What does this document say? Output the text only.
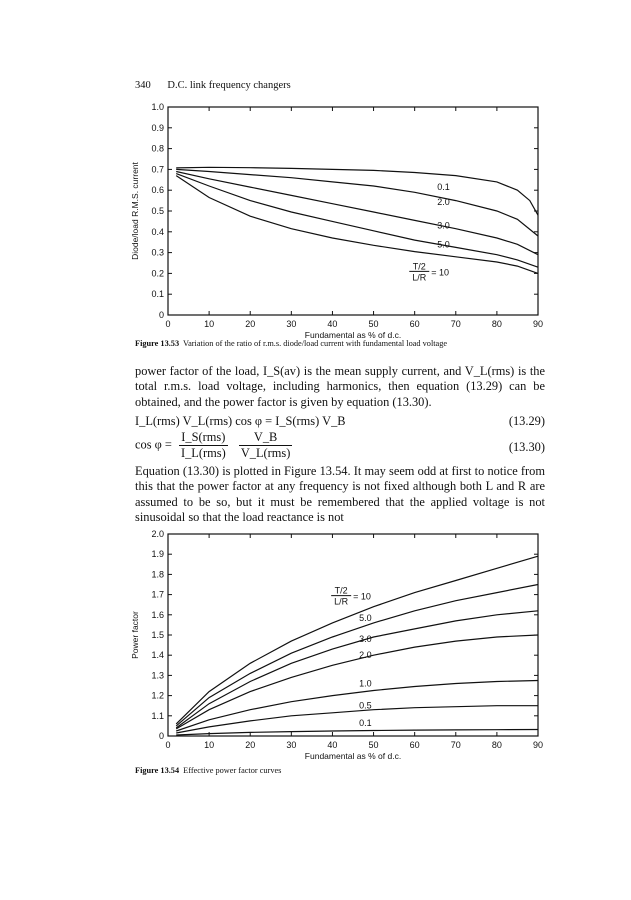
340 D.C. link frequency changers
0	10	20	30	40	50	60	70	80	90
0
0.1
0.2
0.3
0.4
0.5
0.6
0.7
0.8
0.9
1.0
Fundamental as % of d.c.
Diode/load R.M.S. current	0.1
2.0
3.0
5.0
T/2
L/R = 10
Figure 13.53 Variation of the ratio of r.m.s. diode/load current with fundamental load voltage

power factor of the load, I_S(av) is the mean supply current, and V_L(rms) is the total r.m.s. load voltage, including harmonics, then equation (13.29) can be obtained, and the power factor is given by equation (13.30).

I_L(rms) V_L(rms) cos φ = I_S(rms) V_B	(13.29)
$\cos \varphi = \frac{\text{I\_S(rms)}}{\text{I\_L(rms)}}$
$\frac{V\_B}{\text{V\_L(rms)}}$	(13.30)

Equation (13.30) is plotted in Figure 13.54. It may seem odd at first to notice from this that the power factor at any frequency is not fixed although both L and R are assumed to be so, but it must be remembered that the applied voltage is not sinusoidal so that the load reactance is not

0	10	20	30	40	50	60	70	80	90
0
1.1
1.2
1.3
1.4
1.5
1.6
1.7
1.8
1.9
2.0
Fundamental as % of d.c.
Power factor
T/2
L/R = 10
5.0
3.0
2.0
1.0
0.5
0.1
Figure 13.54 Effective power factor curves
